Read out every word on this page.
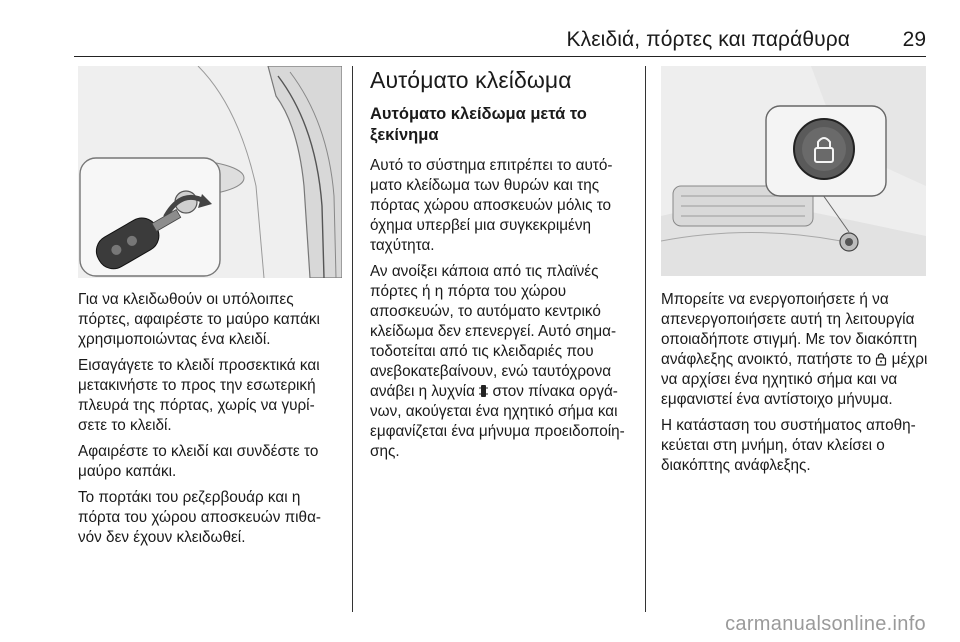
Κλειδιά, πόρτες και παράθυρα	29

Για να κλειδωθούν οι υπόλοιπες πόρτες, αφαιρέστε το μαύρο καπάκι χρησιμοποιώντας ένα κλειδί.

Εισαγάγετε το κλειδί προσεκτικά και μετακινήστε το προς την εσωτερική πλευρά της πόρτας, χωρίς να γυρί- σετε το κλειδί.

Αφαιρέστε το κλειδί και συνδέστε το μαύρο καπάκι.

Το πορτάκι του ρεζερβουάρ και η πόρτα του χώρου αποσκευών πιθα- νόν δεν έχουν κλειδωθεί.

Αυτόματο κλείδωμα
Αυτόματο κλείδωμα μετά το ξεκίνημα

Αυτό το σύστημα επιτρέπει το αυτό- ματο κλείδωμα των θυρών και της πόρτας χώρου αποσκευών μόλις το όχημα υπερβεί μια συγκεκριμένη ταχύτητα.

Αν ανοίξει κάποια από τις πλαϊνές πόρτες ή η πόρτα του χώρου αποσκευών, το αυτόματο κεντρικό κλείδωμα δεν επενεργεί. Αυτό σημα- τοδοτείται από τις κλειδαριές που ανεβοκατεβαίνουν, ενώ ταυτόχρονα ανάβει η λυχνία στον πίνακα οργά- νων, ακούγεται ένα ηχητικό σήμα και εμφανίζεται ένα μήνυμα προειδοποίη- σης.

Μπορείτε να ενεργοποιήσετε ή να απενεργοποιήσετε αυτή τη λειτουργία οποιαδήποτε στιγμή. Με τον διακόπτη ανάφλεξης ανοικτό, πατήστε το μέχρι να αρχίσει ένα ηχητικό σήμα και να εμφανιστεί ένα αντίστοιχο μήνυμα.

Η κατάσταση του συστήματος αποθη- κεύεται στη μνήμη, όταν κλείσει ο διακόπτης ανάφλεξης.

carmanualsonline.info
